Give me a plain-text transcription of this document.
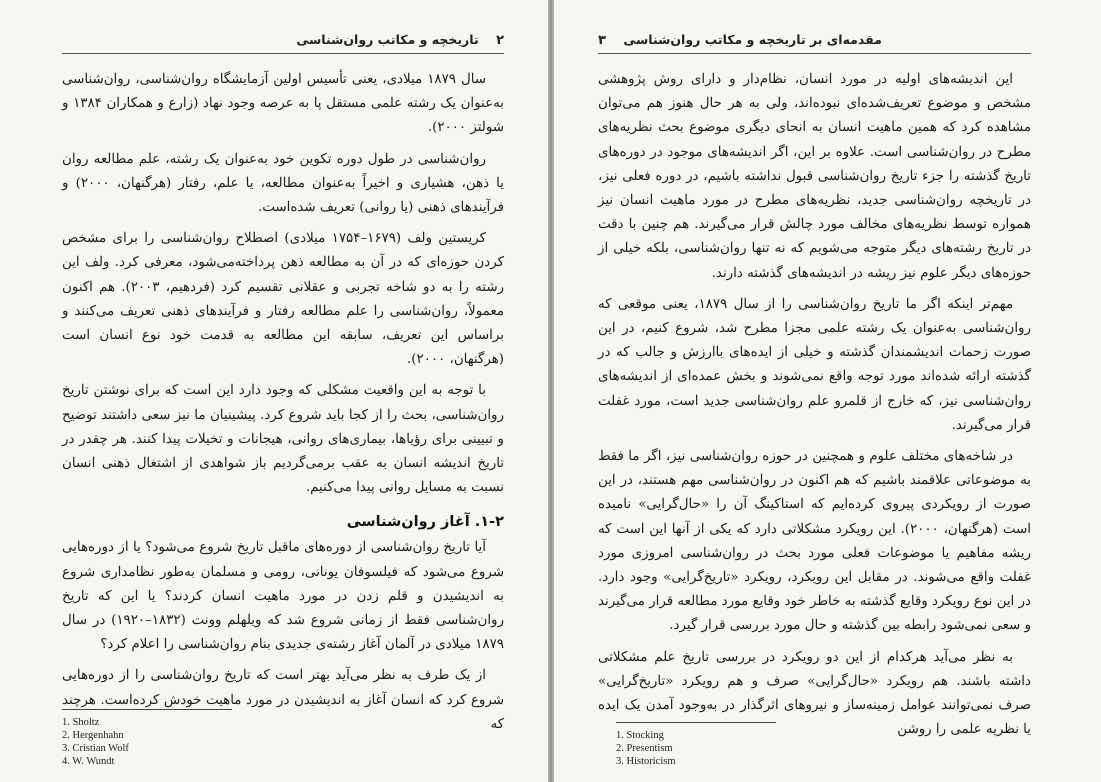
۲    تاریخچه و مکاتب روان‌شناسی

سال ۱۸۷۹ میلادی، یعنی تأسیس اولین آزمایشگاه روان‌شناسی، روان‌شناسی به‌عنوان یک رشته علمی مستقل پا به عرصه وجود نهاد (زارع و همکاران ۱۳۸۴ و شولتز ۲۰۰۰).

روان‌شناسی در طول دوره تکوین خود به‌عنوان یک رشته، علم مطالعه روان یا ذهن، هشیاری و اخیراً به‌عنوان مطالعه، یا علم، رفتار (هرگنهان، ۲۰۰۰) و فرآیندهای ذهنی (یا روانی) تعریف شده‌است.

کریستین ولف (۱۶۷۹–۱۷۵۴ میلادی) اصطلاح روان‌شناسی را برای مشخص کردن حوزه‌ای که در آن به مطالعه ذهن پرداخته‌می‌شود، معرفی کرد. ولف این رشته را به دو شاخه تجربی و عقلانی تقسیم کرد (فردهیم، ۲۰۰۳). هم اکنون معمولاً، روان‌شناسی را علم مطالعه رفتار و فرآیندهای ذهنی تعریف می‌کنند و براساس این تعریف، سابقه این مطالعه به قدمت خود نوع انسان است (هرگنهان، ۲۰۰۰).

با توجه به این واقعیت مشکلی که وجود دارد این است که برای نوشتن تاریخ روان‌شناسی، بحث را از کجا باید شروع کرد. پیشینیان ما نیز سعی داشتند توضیح و تبیینی برای رؤیاها، بیماری‌های روانی، هیجانات و تخیلات پیدا کنند. هر چقدر در تاریخ اندیشه انسان به عقب برمی‌گردیم باز شواهدی از اشتغال ذهنی انسان نسبت به مسایل روانی پیدا می‌کنیم.

۱-۲. آغاز روان‌شناسی

آیا تاریخ روان‌شناسی از دوره‌های ماقبل تاریخ شروع می‌شود؟ یا از دوره‌هایی شروع می‌شود که فیلسوفان یونانی، رومی و مسلمان به‌طور نظامداری شروع به اندیشیدن و قلم زدن در مورد ماهیت انسان کردند؟ یا این که تاریخ روان‌شناسی فقط از زمانی شروع شد که ویلهلم وونت (۱۸۳۲–۱۹۲۰) در سال ۱۸۷۹ میلادی در آلمان آغاز رشته‌ی جدیدی بنام روان‌شناسی را اعلام کرد؟

از یک طرف به نظر می‌آید بهتر است که تاریخ روان‌شناسی را از دوره‌هایی شروع کرد که انسان آغاز به اندیشیدن در مورد ماهیت خودش کرده‌است. هرچند که

1. Sholtz
2. Hergenhahn
3. Cristian Wolf
4. W. Wundt
مقدمه‌ای بر تاریخچه و مکاتب روان‌شناسی    ۳

این اندیشه‌های اولیه در مورد انسان، نظام‌دار و دارای روش پژوهشی مشخص و موضوع تعریف‌شده‌ای نبوده‌اند، ولی به هر حال هنوز هم می‌توان مشاهده کرد که همین ماهیت انسان به انحای دیگری موضوع بحث نظریه‌های مطرح در روان‌شناسی است. علاوه بر این، اگر اندیشه‌های موجود در دوره‌های تاریخ گذشته را جزء تاریخ روان‌شناسی قبول نداشته باشیم، در دوره فعلی نیز، در تاریخچه روان‌شناسی جدید، نظریه‌های مطرح در مورد ماهیت انسان نیز همواره توسط نظریه‌های مخالف مورد چالش قرار می‌گیرند. هم چنین با دقت در تاریخ رشته‌های دیگر متوجه می‌شویم که نه تنها روان‌شناسی، بلکه خیلی از حوزه‌های دیگر علوم نیز ریشه در اندیشه‌های گذشته دارند.

مهم‌تر اینکه اگر ما تاریخ روان‌شناسی را از سال ۱۸۷۹، یعنی موقعی که روان‌شناسی به‌عنوان یک رشته علمی مجزا مطرح شد، شروع کنیم، در این صورت زحمات اندیشمندان گذشته و خیلی از ایده‌های باارزش و جالب که در گذشته ارائه شده‌اند مورد توجه واقع نمی‌شوند و بخش عمده‌ای از اندیشه‌های روان‌شناسی نیز، که خارج از قلمرو علم روان‌شناسی جدید است، مورد غفلت قرار می‌گیرند.

در شاخه‌های مختلف علوم و همچنین در حوزه روان‌شناسی نیز، اگر ما فقط به موضوعاتی علاقمند باشیم که هم اکنون در روان‌شناسی مهم هستند، در این صورت از رویکردی پیروی کرده‌ایم که استاکینگ آن را «حال‌گرایی» نامیده است (هرگنهان، ۲۰۰۰). این رویکرد مشکلاتی دارد که یکی از آنها این است که ریشه مفاهیم یا موضوعات فعلی مورد بحث در روان‌شناسی امروزی مورد غفلت واقع می‌شوند. در مقابل این رویکرد، رویکرد «تاریخ‌گرایی» وجود دارد. در این نوع رویکرد وقایع گذشته به خاطر خود وقایع مورد مطالعه قرار می‌گیرند و سعی نمی‌شود رابطه بین گذشته و حال مورد بررسی قرار گیرد.

به نظر می‌آید هرکدام از این دو رویکرد در بررسی تاریخ علم مشکلاتی داشته باشند. هم رویکرد «حال‌گرایی» صرف و هم رویکرد «تاریخ‌گرایی» صرف نمی‌توانند عوامل زمینه‌ساز و نیروهای اثرگذار در به‌وجود آمدن یک ایده یا نظریه علمی را روشن

1. Stocking
2. Presentism
3. Historicism
